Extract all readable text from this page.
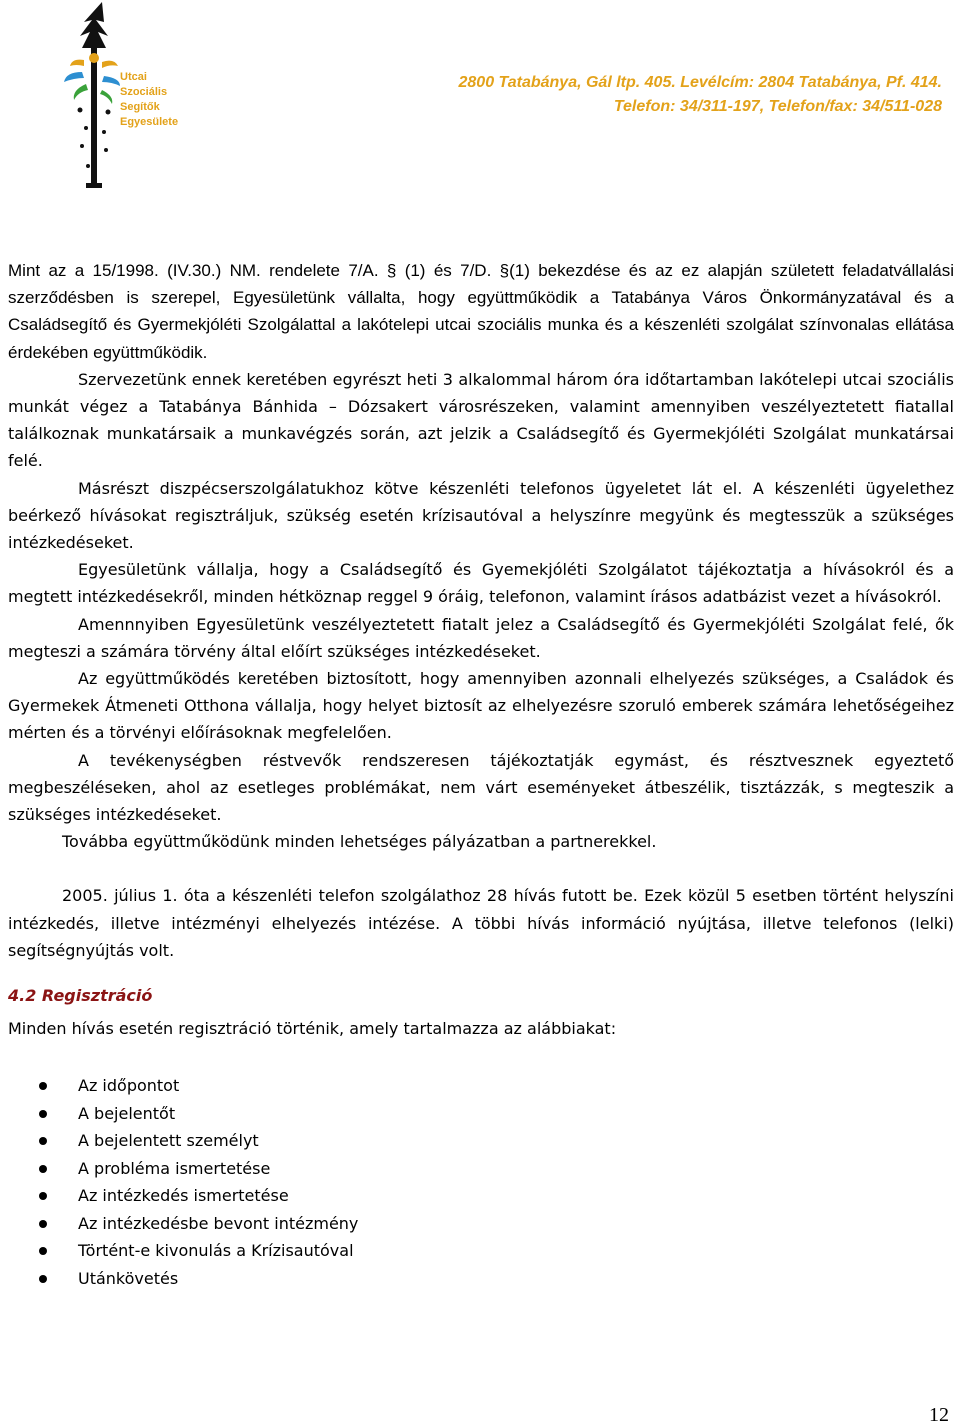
Utcai
Szociális
Segítők
Egyesülete
2800 Tatabánya, Gál ltp. 405. Levélcím: 2804 Tatabánya, Pf. 414.
Telefon: 34/311-197, Telefon/fax: 34/511-028

Mint az a 15/1998. (IV.30.) NM. rendelete 7/A. § (1) és 7/D. §(1) bekezdése és az ez alapján született feladatvállalási szerződésben is szerepel, Egyesületünk vállalta, hogy együttműködik a Tatabánya Város Önkormányzatával és a Családsegítő és Gyermekjóléti Szolgálattal a lakótelepi utcai szociális munka és a készenléti szolgálat színvonalas ellátása érdekében együttműködik.

Szervezetünk ennek keretében egyrészt heti 3 alkalommal három óra időtartamban lakótelepi utcai szociális munkát végez a Tatabánya Bánhida – Dózsakert városrészeken, valamint amennyiben veszélyeztetett fiatallal találkoznak munkatársaik a munkavégzés során, azt jelzik a Családsegítő és Gyermekjóléti Szolgálat munkatársai felé.

Másrészt diszpécserszolgálatukhoz kötve készenléti telefonos ügyeletet lát el. A készenléti ügyelethez beérkező hívásokat regisztráljuk, szükség esetén krízisautóval a helyszínre megyünk és megtesszük a szükséges intézkedéseket.

Egyesületünk vállalja, hogy a Családsegítő és Gyemekjóléti Szolgálatot tájékoztatja a hívásokról és a megtett intézkedésekről, minden hétköznap reggel 9 óráig, telefonon, valamint írásos adatbázist vezet a hívásokról.

Amennnyiben Egyesületünk veszélyeztetett fiatalt jelez a Családsegítő és Gyermekjóléti Szolgálat felé, ők megteszi a számára törvény által előírt szükséges intézkedéseket.

Az együttműködés keretében biztosított, hogy amennyiben azonnali elhelyezés szükséges, a Családok és Gyermekek Átmeneti Otthona vállalja, hogy helyet biztosít az elhelyezésre szoruló emberek számára lehetőségeihez mérten és a törvényi előírásoknak megfelelően.

A tevékenységben réstvevők rendszeresen tájékoztatják egymást, és résztvesznek egyeztető megbeszéléseken, ahol az esetleges problémákat, nem várt eseményeket átbeszélik, tisztázzák, s megteszik a szükséges intézkedéseket.

Továbba együttműködünk minden lehetséges pályázatban a partnerekkel.

2005. július 1. óta a készenléti telefon szolgálathoz 28 hívás futott be. Ezek közül 5 esetben történt helyszíni intézkedés, illetve intézményi elhelyezés intézése. A többi hívás információ nyújtása, illetve telefonos (lelki) segítségnyújtás volt.

4.2 Regisztráció

Minden hívás esetén regisztráció történik, amely tartalmazza az alábbiakat:

Az időpontot
A bejelentőt
A bejelentett személyt
A probléma ismertetése
Az intézkedés ismertetése
Az intézkedésbe bevont intézmény
Történt-e kivonulás a Krízisautóval
Utánkövetés
12
